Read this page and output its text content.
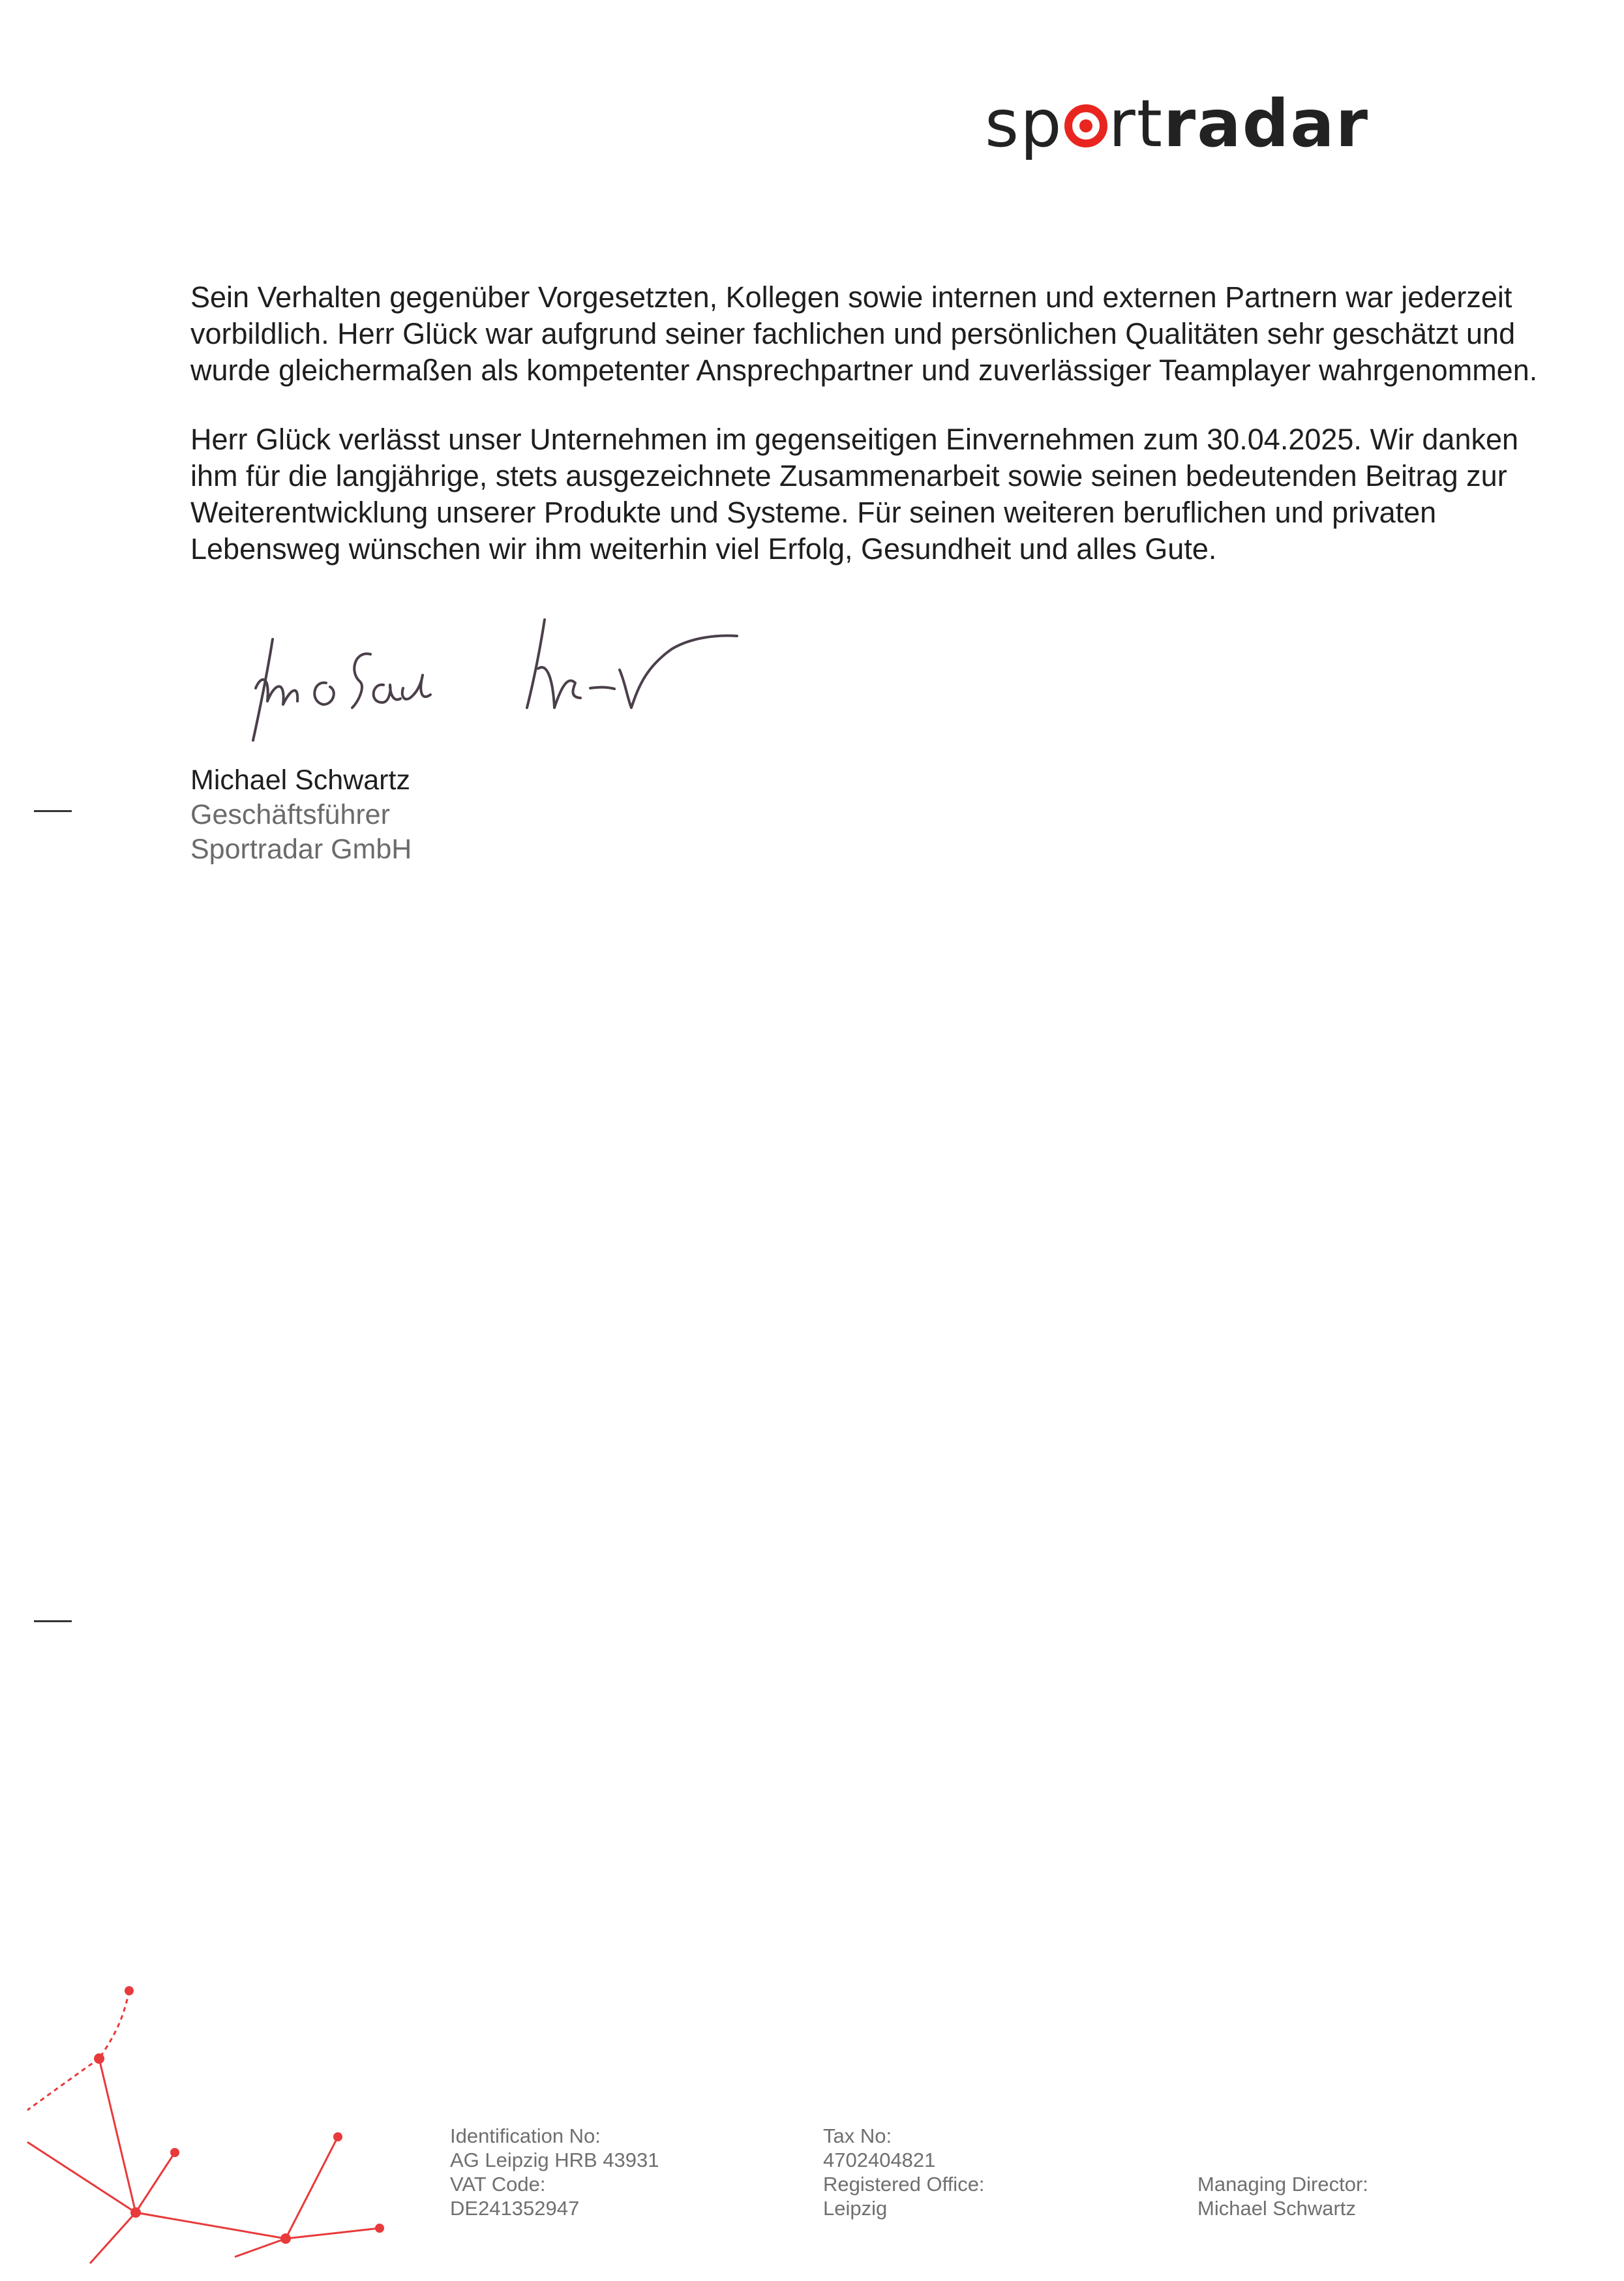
sp rtradar

Sein Verhalten gegenüber Vorgesetzten, Kollegen sowie internen und externen Partnern war jederzeit vorbildlich. Herr Glück war aufgrund seiner fachlichen und persönlichen Qualitäten sehr geschätzt und wurde gleichermaßen als kompetenter Ansprechpartner und zuverlässiger Teamplayer wahrgenommen.

Herr Glück verlässt unser Unternehmen im gegenseitigen Einvernehmen zum 30.04.2025. Wir danken ihm für die langjährige, stets ausgezeichnete Zusammenarbeit sowie seinen bedeutenden Beitrag zur Weiterentwicklung unserer Produkte und Systeme. Für seinen weiteren beruflichen und privaten Lebensweg wünschen wir ihm weiterhin viel Erfolg, Gesundheit und alles Gute.

Michael Schwartz
Geschäftsführer
Sportradar GmbH
Identification No:
AG Leipzig HRB 43931
VAT Code:
DE241352947
Tax No:
4702404821
Registered Office:
Leipzig
Managing Director:
Michael Schwartz
